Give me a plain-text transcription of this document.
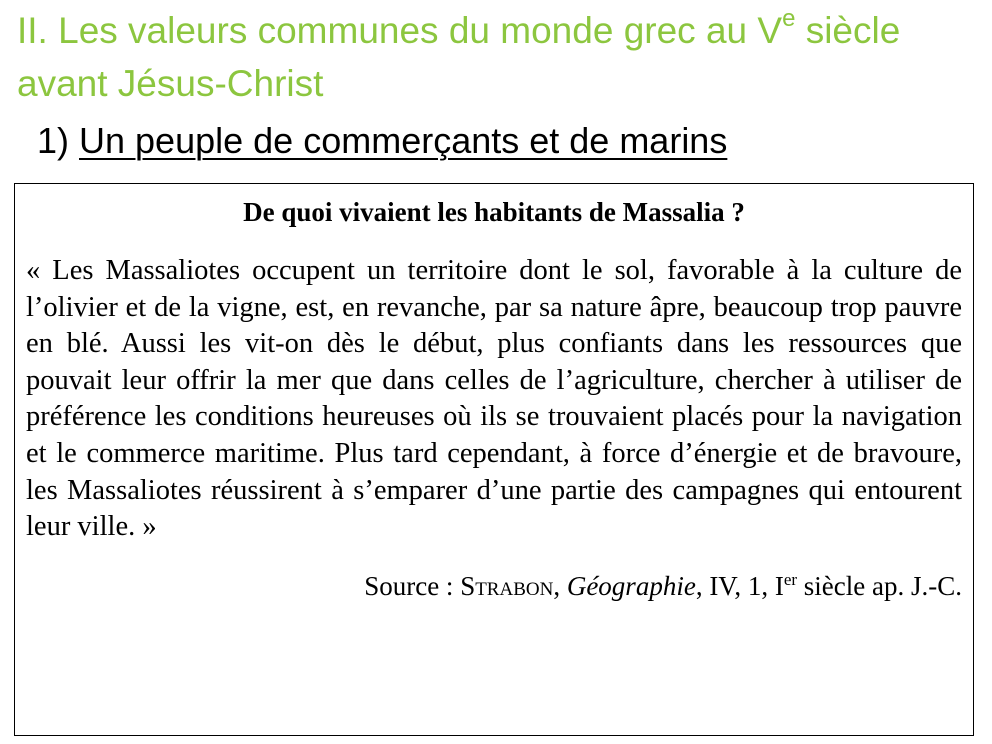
II. Les valeurs communes du monde grec au Ve siècle avant Jésus-Christ
1) Un peuple de commerçants et de marins

De quoi vivaient les habitants de Massalia ?

« Les Massaliotes occupent un territoire dont le sol, favorable à la culture de l’olivier et de la vigne, est, en revanche, par sa nature âpre, beaucoup trop pauvre en blé. Aussi les vit-on dès le début, plus confiants dans les ressources que pouvait leur offrir la mer que dans celles de l’agriculture, chercher à utiliser de préférence les conditions heureuses où ils se trouvaient placés pour la navigation et le commerce maritime. Plus tard cependant, à force d’énergie et de bravoure, les Massaliotes réussirent à s’emparer d’une partie des campagnes qui entourent leur ville. »

Source : Strabon, Géographie, IV, 1, Ier siècle ap. J.-C.
